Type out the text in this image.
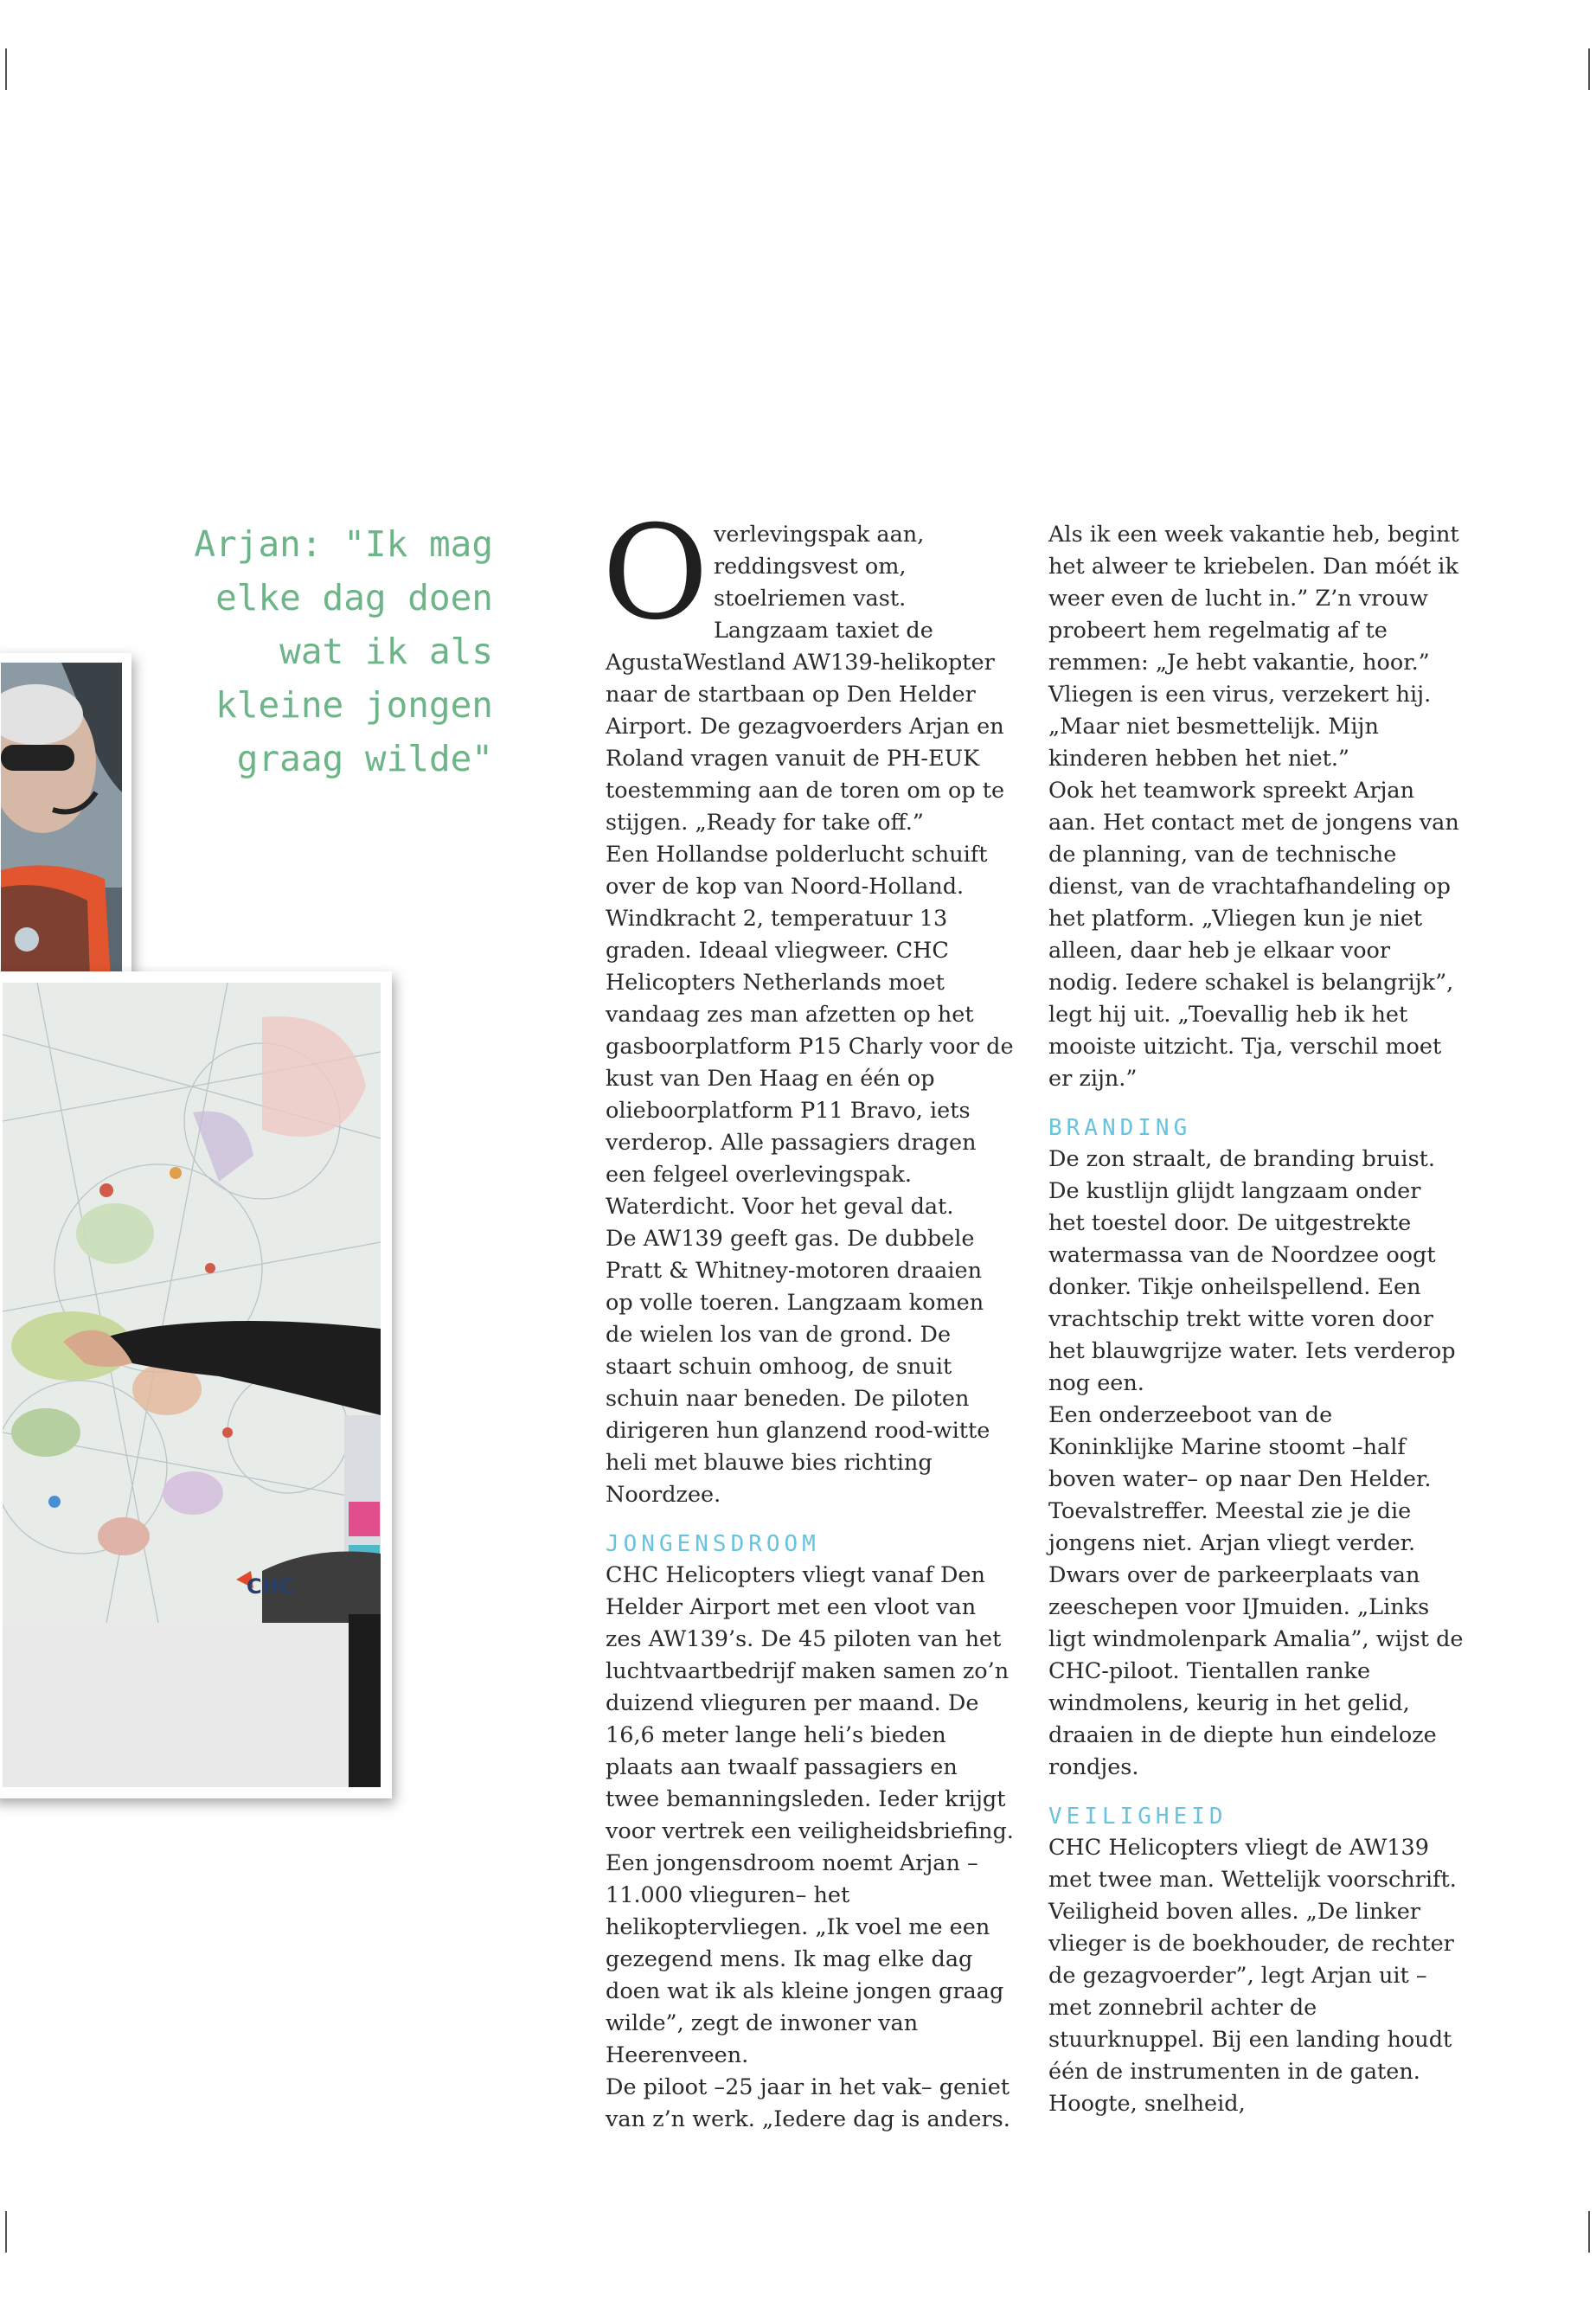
Arjan: "Ik mag
elke dag doen
wat ik als
kleine jongen
graag wilde"
CHC

Overlevingspak aan, reddingsvest om, stoelriemen vast. Langzaam taxiet de AgustaWestland AW139-helikopter naar de startbaan op Den Helder Airport. De gezagvoerders Arjan en Roland vragen vanuit de PH-EUK toestemming aan de toren om op te stijgen. „Ready for take off.”

Een Hollandse polderlucht schuift over de kop van Noord-Holland. Windkracht 2, temperatuur 13 graden. Ideaal vliegweer. CHC Helicopters Netherlands moet vandaag zes man afzetten op het gasboorplatform P15 Charly voor de kust van Den Haag en één op olieboorplatform P11 Bravo, iets verderop. Alle passagiers dragen een felgeel overlevingspak. Waterdicht. Voor het geval dat.

De AW139 geeft gas. De dubbele Pratt & Whitney-motoren draaien op volle toeren. Langzaam komen de wielen los van de grond. De staart schuin omhoog, de snuit schuin naar beneden. De piloten dirigeren hun glanzend rood-witte heli met blauwe bies richting Noordzee.

JONGENSDROOM

CHC Helicopters vliegt vanaf Den Helder Airport met een vloot van zes AW139’s. De 45 piloten van het luchtvaartbedrijf maken samen zo’n duizend vlieguren per maand. De 16,6 meter lange heli’s bieden plaats aan twaalf passagiers en twee bemanningsleden. Ieder krijgt voor vertrek een veiligheidsbriefing.

Een jongensdroom noemt Arjan –11.000 vlieguren– het helikoptervliegen. „Ik voel me een gezegend mens. Ik mag elke dag doen wat ik als kleine jongen graag wilde”, zegt de inwoner van Heerenveen.

De piloot –25 jaar in het vak– geniet van z’n werk. „Iedere dag is anders.

Als ik een week vakantie heb, begint het alweer te kriebelen. Dan móét ik weer even de lucht in.” Z’n vrouw probeert hem regelmatig af te remmen: „Je hebt vakantie, hoor.” Vliegen is een virus, verzekert hij. „Maar niet besmettelijk. Mijn kinderen hebben het niet.”

Ook het teamwork spreekt Arjan aan. Het contact met de jongens van de planning, van de technische dienst, van de vrachtafhandeling op het platform. „Vliegen kun je niet alleen, daar heb je elkaar voor nodig. Iedere schakel is belangrijk”, legt hij uit. „Toevallig heb ik het mooiste uitzicht. Tja, verschil moet er zijn.”

BRANDING

De zon straalt, de branding bruist. De kustlijn glijdt langzaam onder het toestel door. De uitgestrekte watermassa van de Noordzee oogt donker. Tikje onheilspellend. Een vrachtschip trekt witte voren door het blauwgrijze water. Iets verderop nog een.

Een onderzeeboot van de Koninklijke Marine stoomt –half boven water– op naar Den Helder. Toevalstreffer. Meestal zie je die jongens niet. Arjan vliegt verder. Dwars over de parkeerplaats van zeeschepen voor IJmuiden. „Links ligt windmolenpark Amalia”, wijst de CHC-piloot. Tientallen ranke windmolens, keurig in het gelid, draaien in de diepte hun eindeloze rondjes.

VEILIGHEID

CHC Helicopters vliegt de AW139 met twee man. Wettelijk voorschrift. Veiligheid boven alles. „De linker vlieger is de boekhouder, de rechter de gezagvoerder”, legt Arjan uit – met zonnebril achter de stuurknuppel. Bij een landing houdt één de instrumenten in de gaten. Hoogte, snelheid,
